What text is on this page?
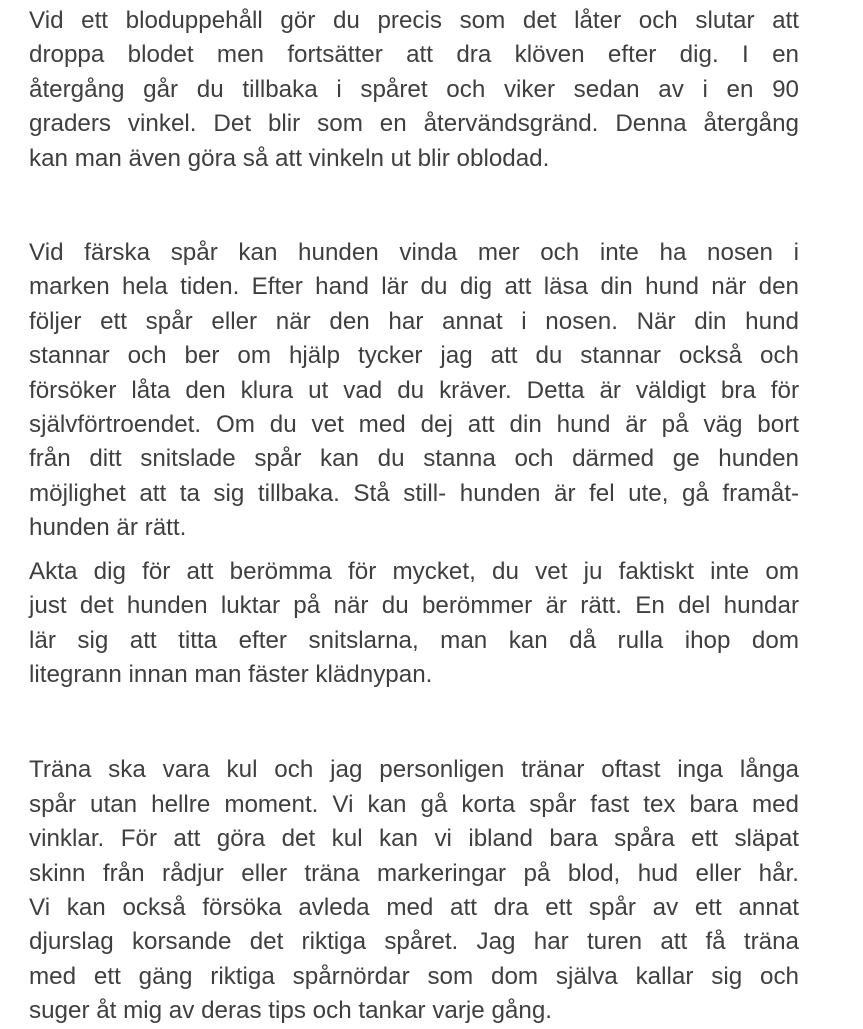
Vid ett bloduppehåll gör du precis som det låter och slutar att
droppa blodet men fortsätter att dra klöven efter dig. I en
återgång går du tillbaka i spåret och viker sedan av i en 90
graders vinkel. Det blir som en återvändsgränd. Denna återgång
kan man även göra så att vinkeln ut blir oblodad.

Vid färska spår kan hunden vinda mer och inte ha nosen i
marken hela tiden. Efter hand lär du dig att läsa din hund när den
följer ett spår eller när den har annat i nosen. När din hund
stannar och ber om hjälp tycker jag att du stannar också och
försöker låta den klura ut vad du kräver. Detta är väldigt bra för
självförtroendet. Om du vet med dej att din hund är på väg bort
från ditt snitslade spår kan du stanna och därmed ge hunden
möjlighet att ta sig tillbaka. Stå still- hunden är fel ute, gå framåt-
hunden är rätt.

Akta dig för att berömma för mycket, du vet ju faktiskt inte om
just det hunden luktar på när du berömmer är rätt. En del hundar
lär sig att titta efter snitslarna, man kan då rulla ihop dom
litegrann innan man fäster klädnypan.

Träna ska vara kul och jag personligen tränar oftast inga långa
spår utan hellre moment. Vi kan gå korta spår fast tex bara med
vinklar. För att göra det kul kan vi ibland bara spåra ett släpat
skinn från rådjur eller träna markeringar på blod, hud eller hår.
Vi kan också försöka avleda med att dra ett spår av ett annat
djurslag korsande det riktiga spåret. Jag har turen att få träna
med ett gäng riktiga spårnördar som dom själva kallar sig och
suger åt mig av deras tips och tankar varje gång.
